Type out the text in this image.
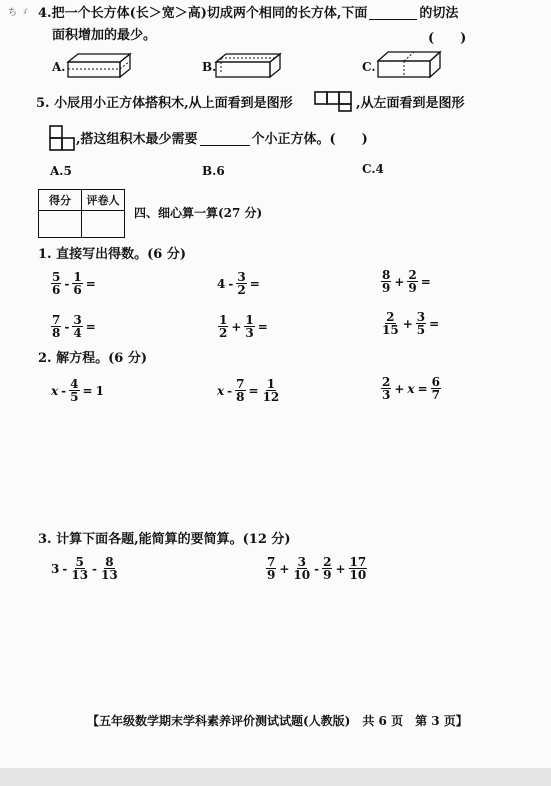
ち ゞ 4.把一个长方体(长＞宽＞高)切成两个相同的长方体,下面	的切法
面积增加的最少。	(　　)
A.	B.	C.
5. 小辰用小正方体搭积木,从上面看到是图形	,从左面看到是图形
,搭这组积木最少需要	个小正方体。(　　)
A.5	B.6	C.4
得分	评卷人

四、细心算一算(27 分)
1. 直接写出得数。(6 分)
$\frac{5}{6} - \frac{1}{6}$ =	$4 - \frac{3}{2}$ =	$\frac{8}{9} + \frac{2}{9}$ =
$\frac{7}{8} - \frac{3}{4}$ =	$\frac{1}{2} + \frac{1}{3}$ =	$\frac{2}{15} + \frac{3}{5}$ =
2. 解方程。(6 分)
$x - \frac{4}{5} = 1$	$x - \frac{7}{8} = \frac{1}{12}$	$\frac{2}{3} + x = \frac{6}{7}$
3. 计算下面各题,能简算的要简算。(12 分)
$3 - \frac{5}{13} - \frac{8}{13}$	$\frac{7}{9} + \frac{3}{10} - \frac{2}{9} + \frac{17}{10}$
【五年级数学期末学科素养评价测试试题(人教版)　共 6 页　第 3 页】
